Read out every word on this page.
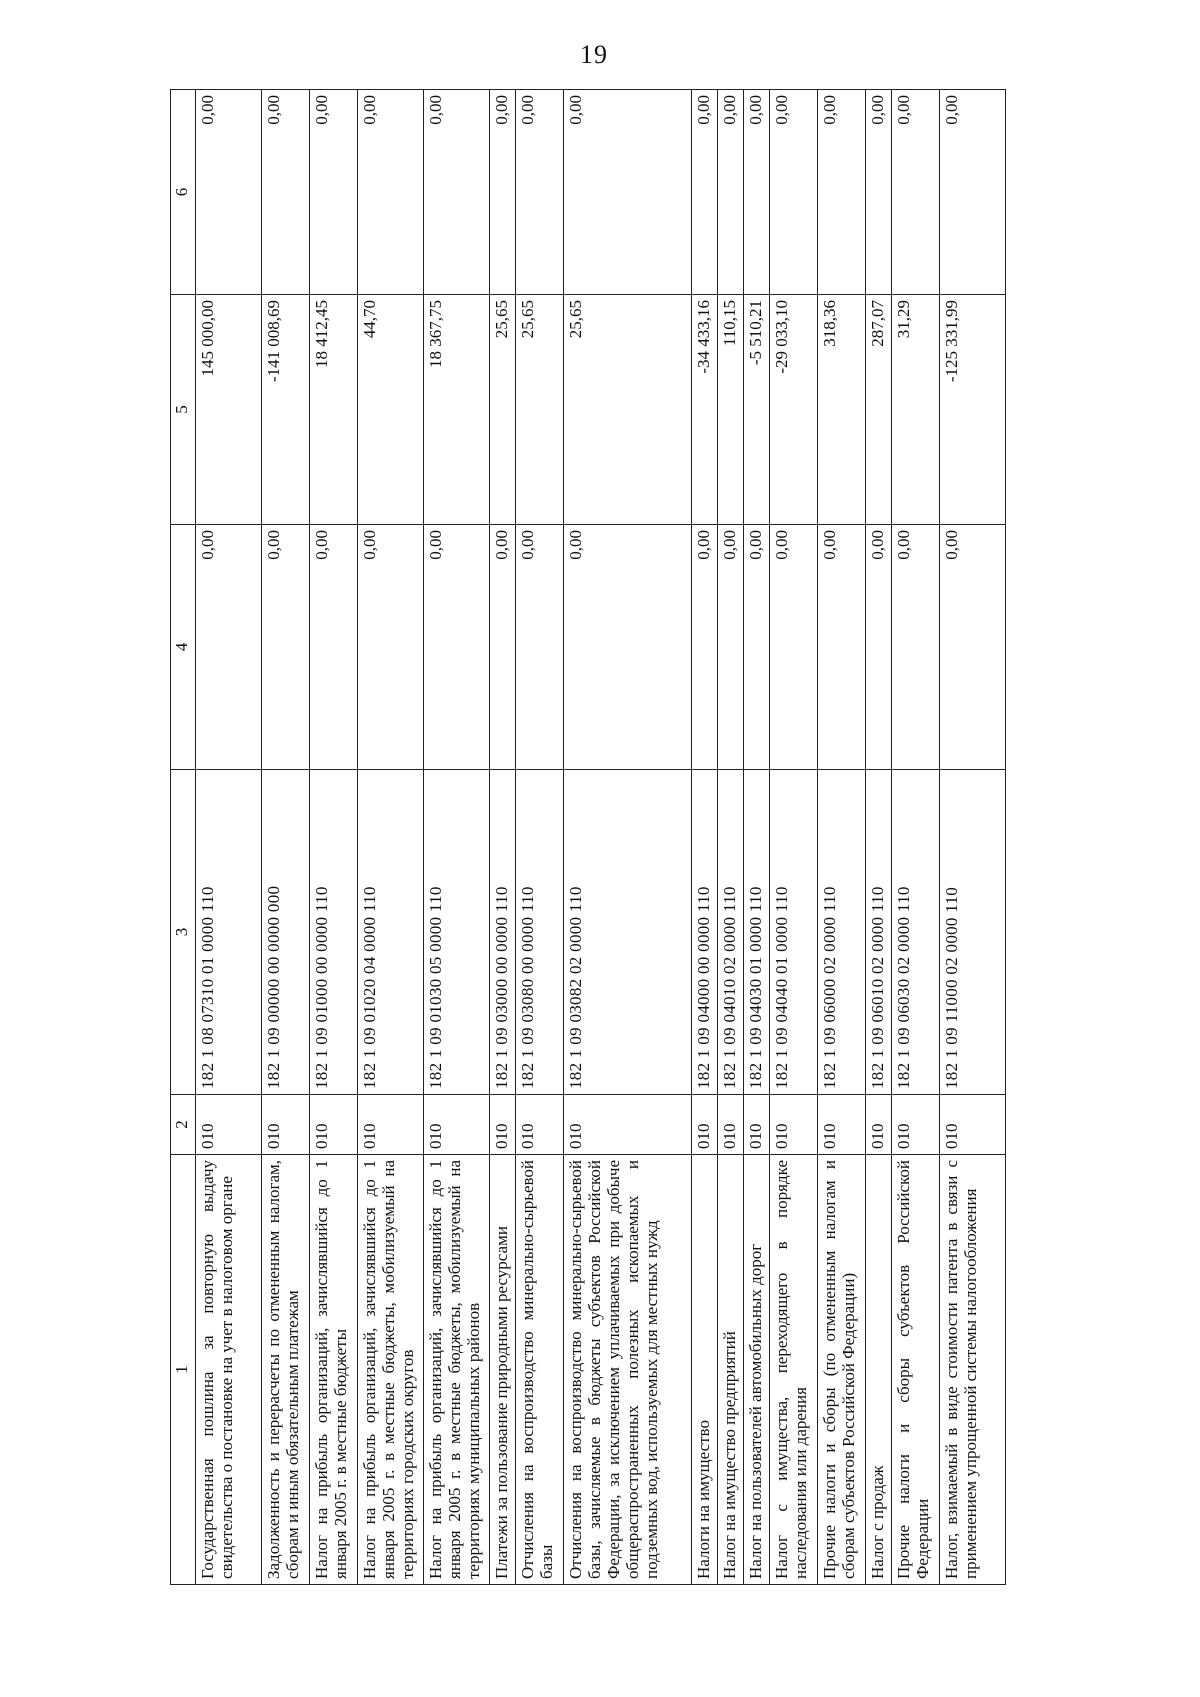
19
1	2	3	4	5	6
Государственная пошлина за повторную выдачу свидетельства о постановке на учет в налоговом органе	010	182 1 08 07310 01 0000 110	0,00	145 000,00	0,00
Задолженность и перерасчеты по отмененным налогам, сборам и иным обязательным платежам	010	182 1 09 00000 00 0000 000	0,00	-141 008,69	0,00
Налог на прибыль организаций, зачислявшийся до 1 января 2005 г. в местные бюджеты	010	182 1 09 01000 00 0000 110	0,00	18 412,45	0,00
Налог на прибыль организаций, зачислявшийся до 1 января 2005 г. в местные бюджеты, мобилизуемый на территориях городских округов	010	182 1 09 01020 04 0000 110	0,00	44,70	0,00
Налог на прибыль организаций, зачислявшийся до 1 января 2005 г. в местные бюджеты, мобилизуемый на территориях муниципальных районов	010	182 1 09 01030 05 0000 110	0,00	18 367,75	0,00
Платежи за пользование природными ресурсами	010	182 1 09 03000 00 0000 110	0,00	25,65	0,00
Отчисления на воспроизводство минерально-сырьевой базы	010	182 1 09 03080 00 0000 110	0,00	25,65	0,00
Отчисления на воспроизводство минерально-сырьевой базы, зачисляемые в бюджеты субъектов Российской Федерации, за исключением уплачиваемых при добыче общераспространенных полезных ископаемых и подземных вод, используемых для местных нужд	010	182 1 09 03082 02 0000 110	0,00	25,65	0,00
Налоги на имущество	010	182 1 09 04000 00 0000 110	0,00	-34 433,16	0,00
Налог на имущество предприятий	010	182 1 09 04010 02 0000 110	0,00	110,15	0,00
Налог на пользователей автомобильных дорог	010	182 1 09 04030 01 0000 110	0,00	-5 510,21	0,00
Налог с имущества, переходящего в порядке наследования или дарения	010	182 1 09 04040 01 0000 110	0,00	-29 033,10	0,00
Прочие налоги и сборы (по отмененным налогам и сборам субъектов Российской Федерации)	010	182 1 09 06000 02 0000 110	0,00	318,36	0,00
Налог с продаж	010	182 1 09 06010 02 0000 110	0,00	287,07	0,00
Прочие налоги и сборы субъектов Российской Федерации	010	182 1 09 06030 02 0000 110	0,00	31,29	0,00
Налог, взимаемый в виде стоимости патента в связи с применением упрощенной системы налогообложения	010	182 1 09 11000 02 0000 110	0,00	-125 331,99	0,00
